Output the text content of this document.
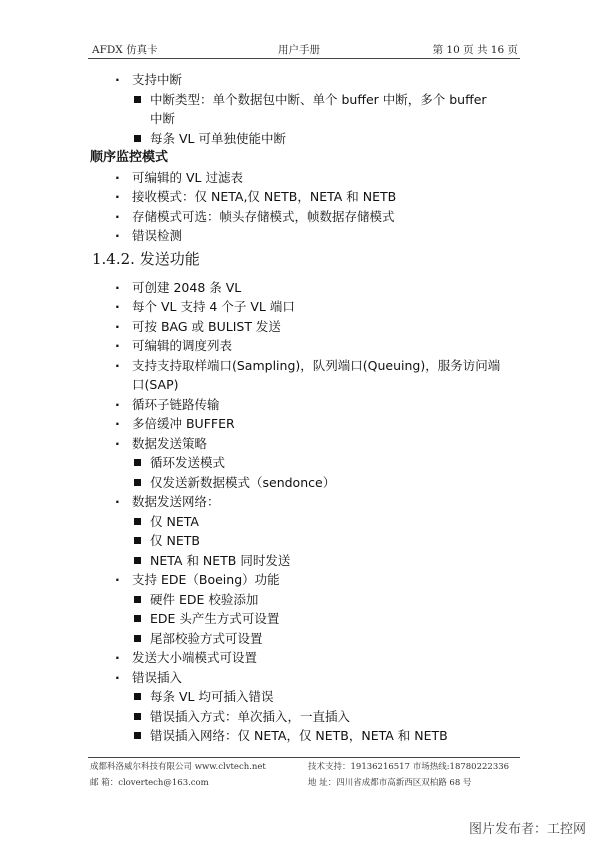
AFDX 仿真卡	用户手册	第 10 页 共 16 页
· 支持中断
中断类型：单个数据包中断、单个 buffer 中断，多个 buffer
中断
每条 VL 可单独使能中断
顺序监控模式
· 可编辑的 VL 过滤表
· 接收模式：仅 NETA,仅 NETB，NETA 和 NETB
· 存储模式可选：帧头存储模式，帧数据存储模式
· 错误检测
1.4.2. 发送功能
· 可创建 2048 条 VL
· 每个 VL 支持 4 个子 VL 端口
· 可按 BAG 或 BULIST 发送
· 可编辑的调度列表
· 支持支持取样端口(Sampling)，队列端口(Queuing)，服务访问端口(SAP)
· 循环子链路传输
· 多倍缓冲 BUFFER
· 数据发送策略
循环发送模式
仅发送新数据模式（sendonce）
· 数据发送网络：
仅 NETA
仅 NETB
NETA 和 NETB 同时发送
· 支持 EDE（Boeing）功能
硬件 EDE 校验添加
EDE 头产生方式可设置
尾部校验方式可设置
· 发送大小端模式可设置
· 错误插入
每条 VL 均可插入错误
错误插入方式：单次插入，一直插入
错误插入网络：仅 NETA，仅 NETB，NETA 和 NETB
成都科洛威尔科技有限公司 www.clvtech.net	技术支持：19136216517 市场热线:18780222336
邮 箱：clovertech@163.com	地 址：四川省成都市高新西区双柏路 68 号
图片发布者：工控网
